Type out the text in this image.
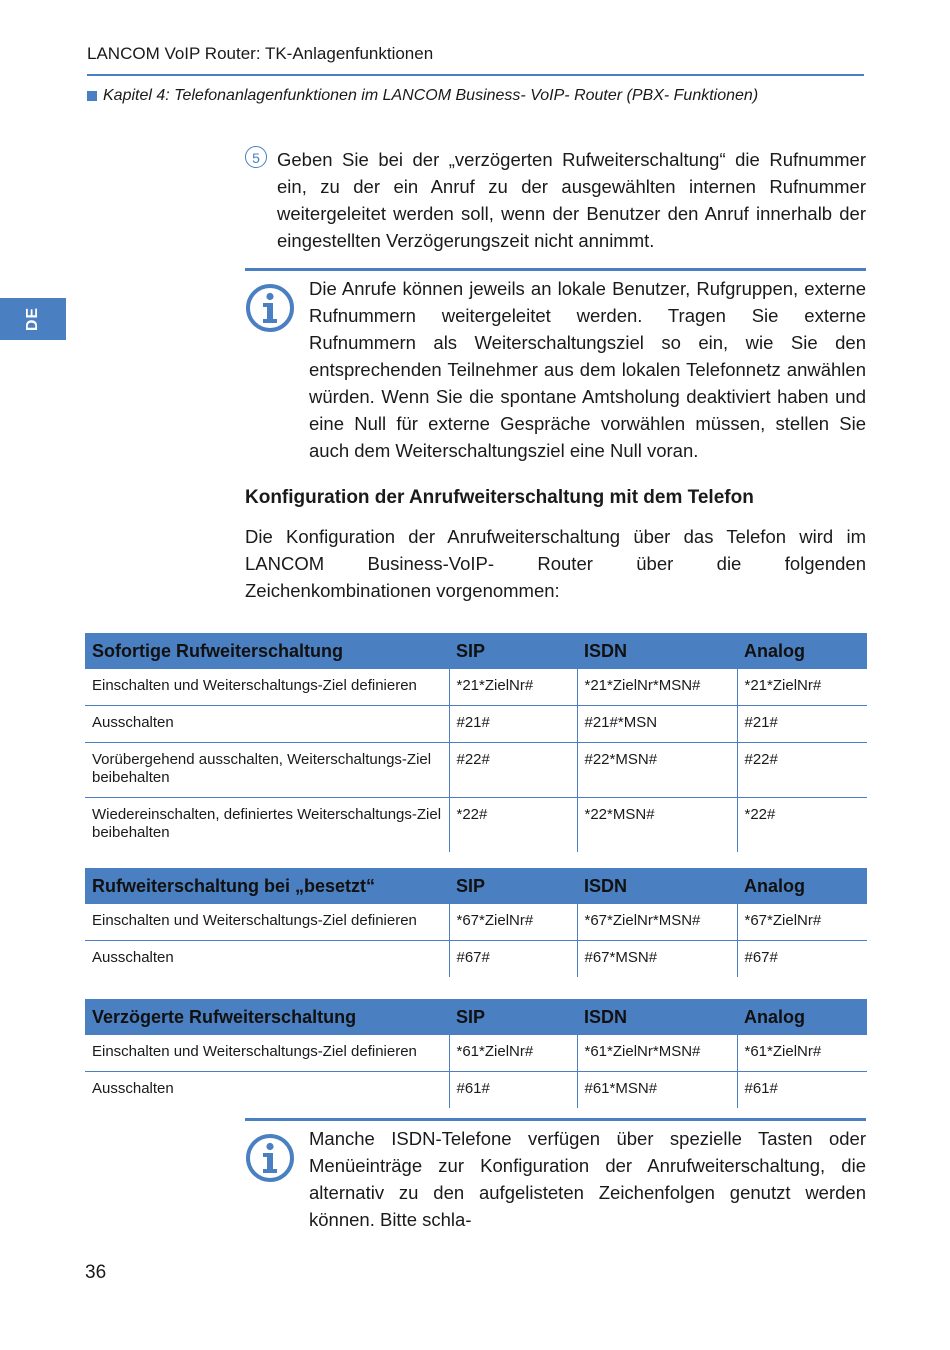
LANCOM VoIP Router: TK-Anlagenfunktionen
Kapitel 4: Telefonanlagenfunktionen im LANCOM Business- VoIP- Router (PBX- Funktionen)
DE
5 Geben Sie bei der „verzögerten Rufweiterschaltung“ die Rufnummer ein, zu der ein Anruf zu der ausgewählten internen Rufnummer weitergeleitet werden soll, wenn der Benutzer den Anruf innerhalb der eingestellten Verzögerungszeit nicht annimmt.
Die Anrufe können jeweils an lokale Benutzer, Rufgruppen, externe Rufnummern weitergeleitet werden. Tragen Sie externe Rufnummern als Weiterschaltungsziel so ein, wie Sie den entsprechenden Teilnehmer aus dem lokalen Telefonnetz anwählen würden. Wenn Sie die spontane Amtsholung deaktiviert haben und eine Null für externe Gespräche vorwählen müssen, stellen Sie auch dem Weiterschaltungsziel eine Null voran.
Konfiguration der Anrufweiterschaltung mit dem Telefon
Die Konfiguration der Anrufweiterschaltung über das Telefon wird im LANCOM Business-VoIP- Router über die folgenden Zeichenkombinationen vorgenommen:
Sofortige Rufweiterschaltung	SIP	ISDN	Analog
Einschalten und Weiterschaltungs-Ziel definieren	*21*ZielNr#	*21*ZielNr*MSN#	*21*ZielNr#
Ausschalten	#21#	#21#*MSN	#21#
Vorübergehend ausschalten, Weiterschaltungs-Ziel beibehalten	#22#	#22*MSN#	#22#
Wiedereinschalten, definiertes Weiterschaltungs-Ziel beibehalten	*22#	*22*MSN#	*22#
Rufweiterschaltung bei „besetzt“	SIP	ISDN	Analog
Einschalten und Weiterschaltungs-Ziel definieren	*67*ZielNr#	*67*ZielNr*MSN#	*67*ZielNr#
Ausschalten	#67#	#67*MSN#	#67#
Verzögerte Rufweiterschaltung	SIP	ISDN	Analog
Einschalten und Weiterschaltungs-Ziel definieren	*61*ZielNr#	*61*ZielNr*MSN#	*61*ZielNr#
Ausschalten	#61#	#61*MSN#	#61#
Manche ISDN-Telefone verfügen über spezielle Tasten oder Menüeinträge zur Konfiguration der Anrufweiterschaltung, die alternativ zu den aufgelisteten Zeichenfolgen genutzt werden können. Bitte schla-
36
